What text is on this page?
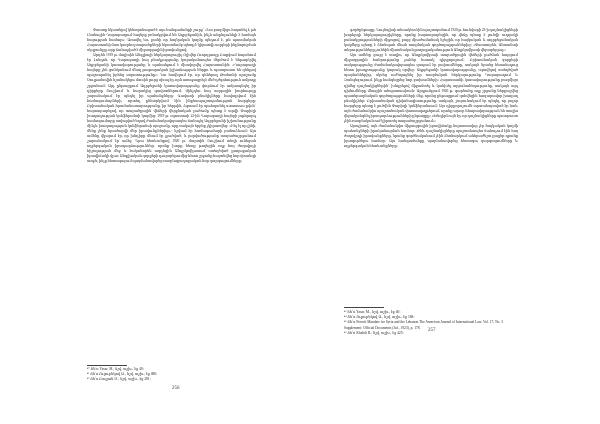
Փաստը նկատելով կենտրոնացած է այս հանգամանքի շուրջ՝ «Նա բազմիցս հայտնել է, թե Լեռնային Ղարաբաղում հայերը բռնակցվում են Ադրբեջանին, ինչն անընդունելի է համայն հայության համար»։ Առավել ևս, քանի որ հայկական կողմը պնդում է, թե պատմական Հայաստանի մաս կազմող տարածքների նկատմամբ պետք է կիրառվի ազգերի ինքնորոշման սկզբունքը, որը ճանաչված է միջազգային իրավունքով։

Արդեն 1919 թ. մայիսին Անգլիայի ներկայացուցիչ Օլիվեր Ուորդրոպը Բաքվում հայտնում էր Լոնդոն, որ Ղարաբաղի հայ բնակչությունը կտրականապես մերժում է ենթարկվել Ադրբեջանի կառավարությանը և պահանջում է միավորվել Հայաստանին։ «Ղարաբաղի հայերը չեն ցանկանում մնալ թաթարական իշխանության ներքո և պատրաստ են զենքով պաշտպանել իրենց ազատությունը»։ Նա հավելում էր, որ գեներալ Թոմսոնի որոշումը Սուլթանովին նշանակելու մասին լուրջ սխալ էր, որն առաջացրել է մեծ դժգոհություն ամբողջ շրջանում։ Այդ ընթացքում Ադրբեջանի կառավարությունը փորձում էր ամրապնդել իր դիրքերը Շուշիում և հարակից գավառներում, մինչդեռ հայ ազգային խորհուրդը շարունակում էր պնդել իր պահանջները։ Գավառի բնակիչները հավաքվում էին համագումարների, որտեղ քննարկվում էին ինքնապաշտպանության հարցերը։ Բրիտանական հրամանատարությունը, իր հերթին, ձգտում էր պահպանել ստատուս քվոն՝ հայտարարելով, որ տարածքային վեճերի վերջնական լուծումը պետք է տրվի Փարիզի խաղաղության կոնֆերանսի կողմից։ 1919 թ. օգոստոսի 22-ին Ղարաբաղի հայերի յոթերորդ համագումարը ստիպված եղավ ժամանակավորապես ճանաչել Ադրբեջանի իշխանությունը մինչև խաղաղության կոնֆերանսի որոշումը, որը սակայն երբեք չկիրառվեց։ «Ինչ էլ որ լինի, մենք չենք հրաժարվի մեր իրավունքներից»,- նշվում էր համագումարի բանաձևում։ Այս ամենը վկայում էր, որ խնդիրը մնում էր չլուծված, և լարվածությունը տարածաշրջանում շարունակում էր աճել։ Դրա հետևանքով 1920 թ. մարտին Շուշիում տեղի ունեցան ողբերգական իրադարձություններ, որոնք խորը հետք թողեցին ողջ հայ ժողովրդի հիշողության մեջ և էականորեն ազդեցին Անդրկովկասում ստեղծված քաղաքական իրավիճակի վրա։ Անգլիական զորքերի դուրսբերումից հետո շրջանը հայտնվեց նոր վտանգի առջև, ինչը հետագայում պայմանավորեց ռազմաքաղաքական նոր զարգացումները։

⁴⁰ Տե՛ս Yasar, M., նշվ. աշխ., էջ 40։

⁴¹ Տե՛ս Ուլուբեկով Ա., նշվ. աշխ., էջ 480։

⁴² Տե՛ս Բալյան Մ., նշվ. աշխ., էջ 281։

256

գործընթացը։ Նույնպիսի տեսակետ էին պաշտպանում 1920 թ. հունվարի 23-ի դաշնակիցների խորհրդի ներկայացուցիչները, որոնք հայտարարեցին, որ վեճը պետք է լուծվի ուղղակի բանակցությունների միջոցով, բայց միաժամանակ նշեցին, որ հայկական և ադրբեջանական կողմերը պետք է ձեռնպահ մնան ռազմական գործողություններից։ «Փաստորեն, Անտանտի տերությունները չունեին միասնական քաղաքականություն Անդրկովկասի վերաբերյալ»։

Այս ամենը ցույց է տալիս, որ Անդրկովկասի տարածքային վեճերի լուծման հարցում միջազգային հանրությունը չուներ հստակ դիրքորոշում։ Բրիտանական զորքերի առկայությունը ժամանակավորապես զսպում էր բախումները, սակայն նրանց հեռանալուց հետո իրադրությունը կտրուկ սրվեց։ Ադրբեջանի կառավարությունը, օգտվելով ստեղծված պայմաններից, սկսեց ուժեղացնել իր ռազմական ներկայությունը Ղարաբաղում և Զանգեզուրում, ինչը հանգեցրեց նոր բախումների։ Հայաստանի կառավարությունը բազմիցս դիմեց դաշնակիցներին՝ խնդրելով միջամտել և կանխել արյունահեղությունը, սակայն այդ դիմումները մնացին անպատասխան։ Արդյունքում 1920 թ. գարնանը ողջ շրջանը ներքաշվեց պատերազմական գործողությունների մեջ, որոնց ընթացքում զոհվեցին հազարավոր խաղաղ բնակիչներ։ Բրիտանական դիվանագիտությունը, սակայն, շարունակում էր պնդել, որ բոլոր հարցերը պետք է լուծվեն Փարիզի կոնֆերանսում։ Այս դիրքորոշումն արտահայտված էր նաև այն ժամանակվա պաշտոնական փաստաթղթերում, որոնք այսօր հնարավորություն են տալիս վերականգնել իրադարձությունների ընթացքը։ «Խնդիրն այն էր, որ դաշնակիցները պատրաստ չէին ռազմական ուժ կիրառել տարածաշրջանում»։

Այսպիսով, այն ժամանակվա միջազգային իրավիճակը նպաստավոր չէր հայկական կողմի պահանջների իրականացման համար։ Թեև դաշնակիցները պաշտոնապես ճանաչում էին հայ ժողովրդի իրավունքները, նրանք գործնականում չէին ձեռնարկում անհրաժեշտ քայլեր դրանք իրագործելու համար։ Այս հանգամանքը պայմանավորեց հետագա զարգացումները և ողբերգական հետևանքները։

⁴³ Տե՛ս Yasar, M., նշվ. աշխ., էջ 40։

⁴⁴ Տե՛ս Ուլուբեկով Ա., նշվ. աշխ., էջ 168։

⁴⁵ Տե՛ս French Mandate for Syria and the Lebanon.The American Journal of International Law, Vol. 17, No. 3 Supplement: Official Documents (Jul., 1923), p. 178.

⁴⁶ Տե՛ս Khalidi R., նշվ. աշխ., էջ 425։	257
